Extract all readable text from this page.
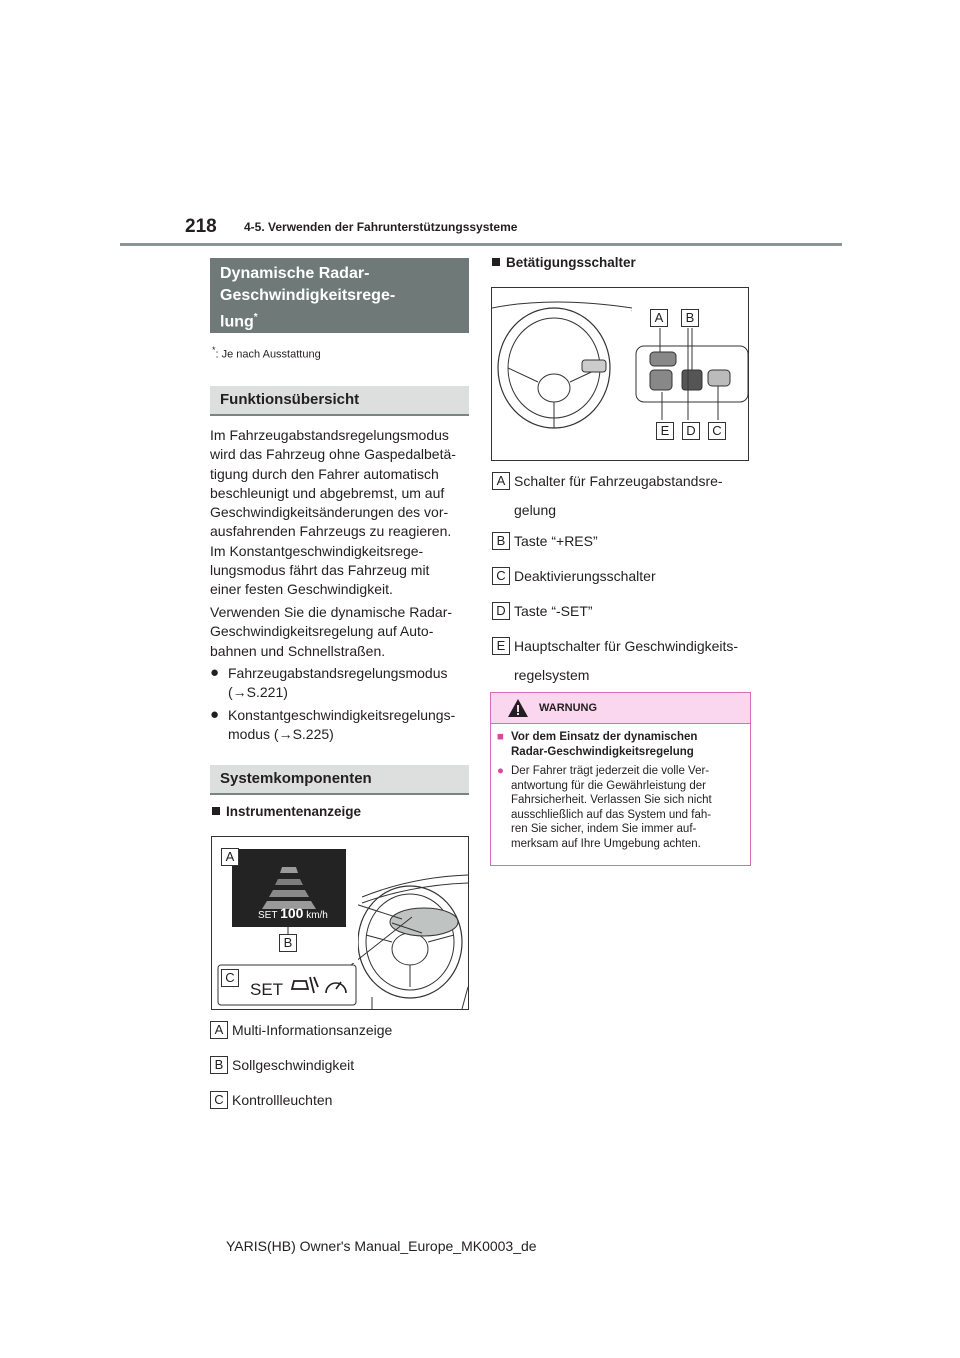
218 4-5. Verwenden der Fahrunterstützungssysteme
Dynamische Radar-
Geschwindigkeitsrege-
lung*
*: Je nach Ausstattung
Funktionsübersicht
Im Fahrzeugabstandsregelungsmodus
wird das Fahrzeug ohne Gaspedalbetä-
tigung durch den Fahrer automatisch
beschleunigt und abgebremst, um auf
Geschwindigkeitsänderungen des vor-
ausfahrenden Fahrzeugs zu reagieren.
Im Konstantgeschwindigkeitsrege-
lungsmodus fährt das Fahrzeug mit
einer festen Geschwindigkeit.
Verwenden Sie die dynamische Radar-
Geschwindigkeitsregelung auf Auto-
bahnen und Schnellstraßen.
● Fahrzeugabstandsregelungsmodus
(→S.221)
● Konstantgeschwindigkeitsregelungs-
modus (→S.225)
Systemkomponenten
Instrumentenanzeige
SET 100 km/h
SET
A
B
C
A Multi-Informationsanzeige
B Sollgeschwindigkeit
C Kontrollleuchten
Betätigungsschalter
A	B
E	D	C
A Schalter für Fahrzeugabstandsre-
gelung
B Taste “+RES”
C Deaktivierungsschalter
D Taste “-SET”
E Hauptschalter für Geschwindigkeits-
regelsystem
WARNUNG
■ Vor dem Einsatz der dynamischen
Radar-Geschwindigkeitsregelung
● Der Fahrer trägt jederzeit die volle Ver-
antwortung für die Gewährleistung der
Fahrsicherheit. Verlassen Sie sich nicht
ausschließlich auf das System und fah-
ren Sie sicher, indem Sie immer auf-
merksam auf Ihre Umgebung achten.
YARIS(HB) Owner's Manual_Europe_MK0003_de
